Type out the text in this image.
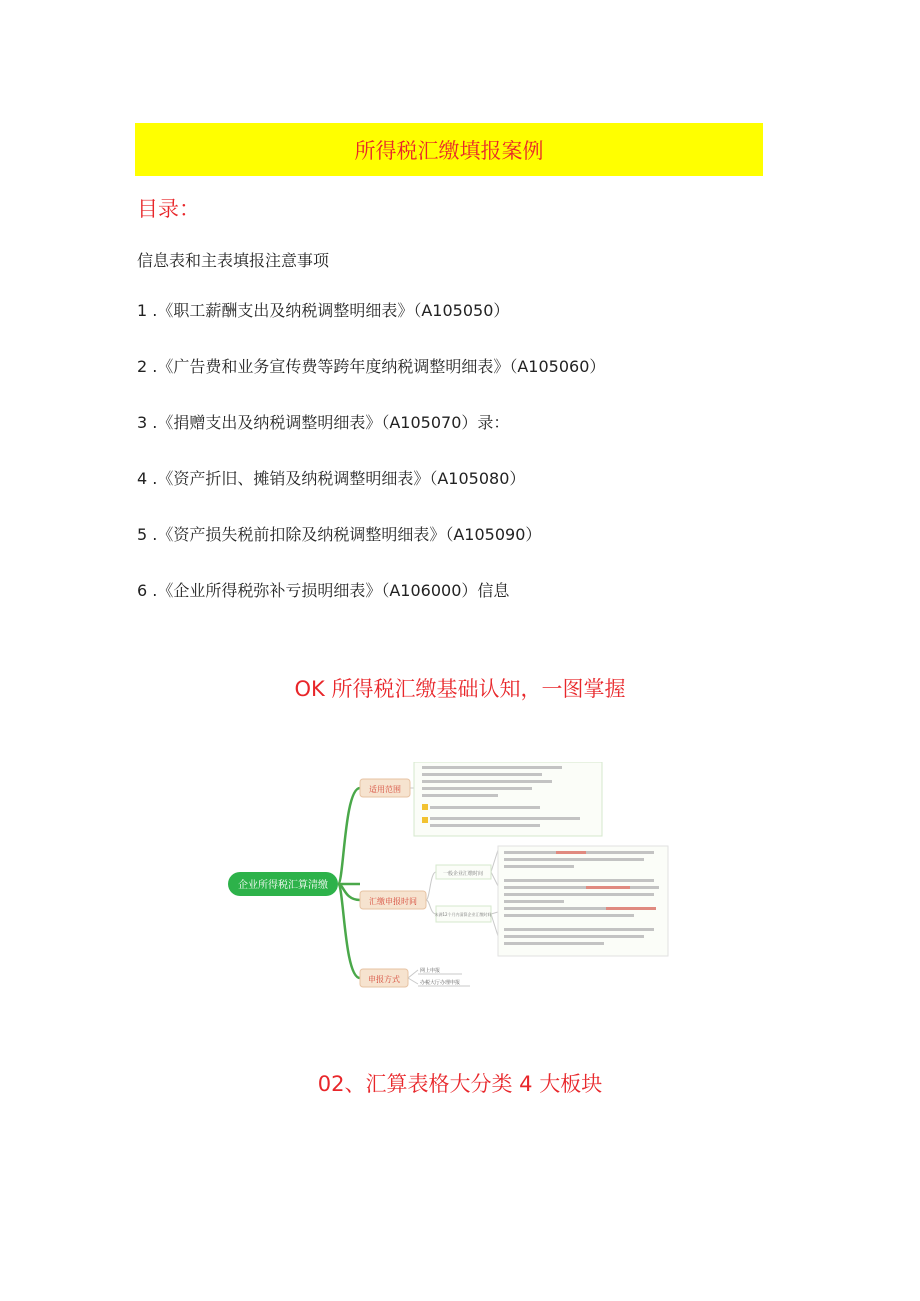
所得税汇缴填报案例
目录：
信息表和主表填报注意事项
1 .《职工薪酬支出及纳税调整明细表》（A105050）
2 .《广告费和业务宣传费等跨年度纳税调整明细表》（A105060）
3 .《捐赠支出及纳税调整明细表》（A105070）录：
4 .《资产折旧、摊销及纳税调整明细表》（A105080）
5 .《资产损失税前扣除及纳税调整明细表》（A105090）
6 .《企业所得税弥补亏损明细表》（A106000）信息
OK 所得税汇缴基础认知，一图掌握
企业所得税汇算清缴
适用范围
汇缴申报时间
申报方式
一般企业汇缴时间
未满12个月内清算企业汇缴时间
网上申报
办税大厅办理申报
02、汇算表格大分类 4 大板块
